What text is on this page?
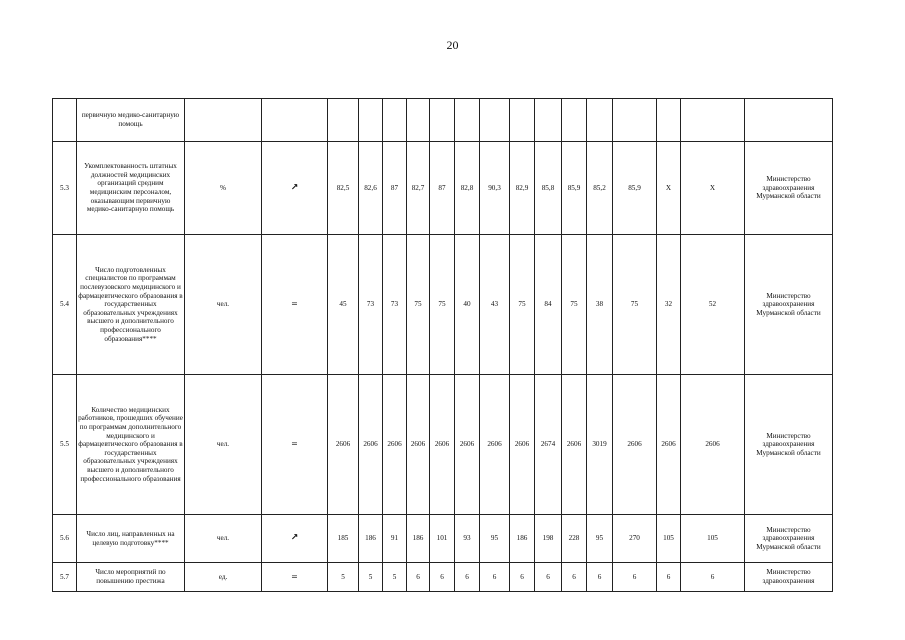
20
	первичную медико-санитарную помощь																	
5.3	Укомплектованность штатных должностей медицинских организаций средним медицинским персоналом, оказывающим первичную медико-санитарную помощь	%	↗	82,5	82,6	87	82,7	87	82,8	90,3	82,9	85,8	85,9	85,2	85,9	X	X	Министерство здравоохранения Мурманской области
5.4	Число подготовленных специалистов по программам послевузовского медицинского и фармацевтического образования в государственных образовательных учреждениях высшего и дополнительного профессионального образования****	чел.	=	45	73	73	75	75	40	43	75	84	75	38	75	32	52	Министерство здравоохранения Мурманской области
5.5	Количество медицинских работников, прошедших обучение по программам дополнительного медицинского и фармацевтического образования в государственных образовательных учреждениях высшего и дополнительного профессионального образования	чел.	=	2606	2606	2606	2606	2606	2606	2606	2606	2674	2606	3019	2606	2606	2606	Министерство здравоохранения Мурманской области
5.6	Число лиц, направленных на целевую подготовку****	чел.	↗	185	186	91	186	101	93	95	186	198	228	95	270	105	105	Министерство здравоохранения Мурманской области
5.7	Число мероприятий по повышению престижа	ед.	=	5	5	5	6	6	6	6	6	6	6	6	6	6	6	Министерство здравоохранения
